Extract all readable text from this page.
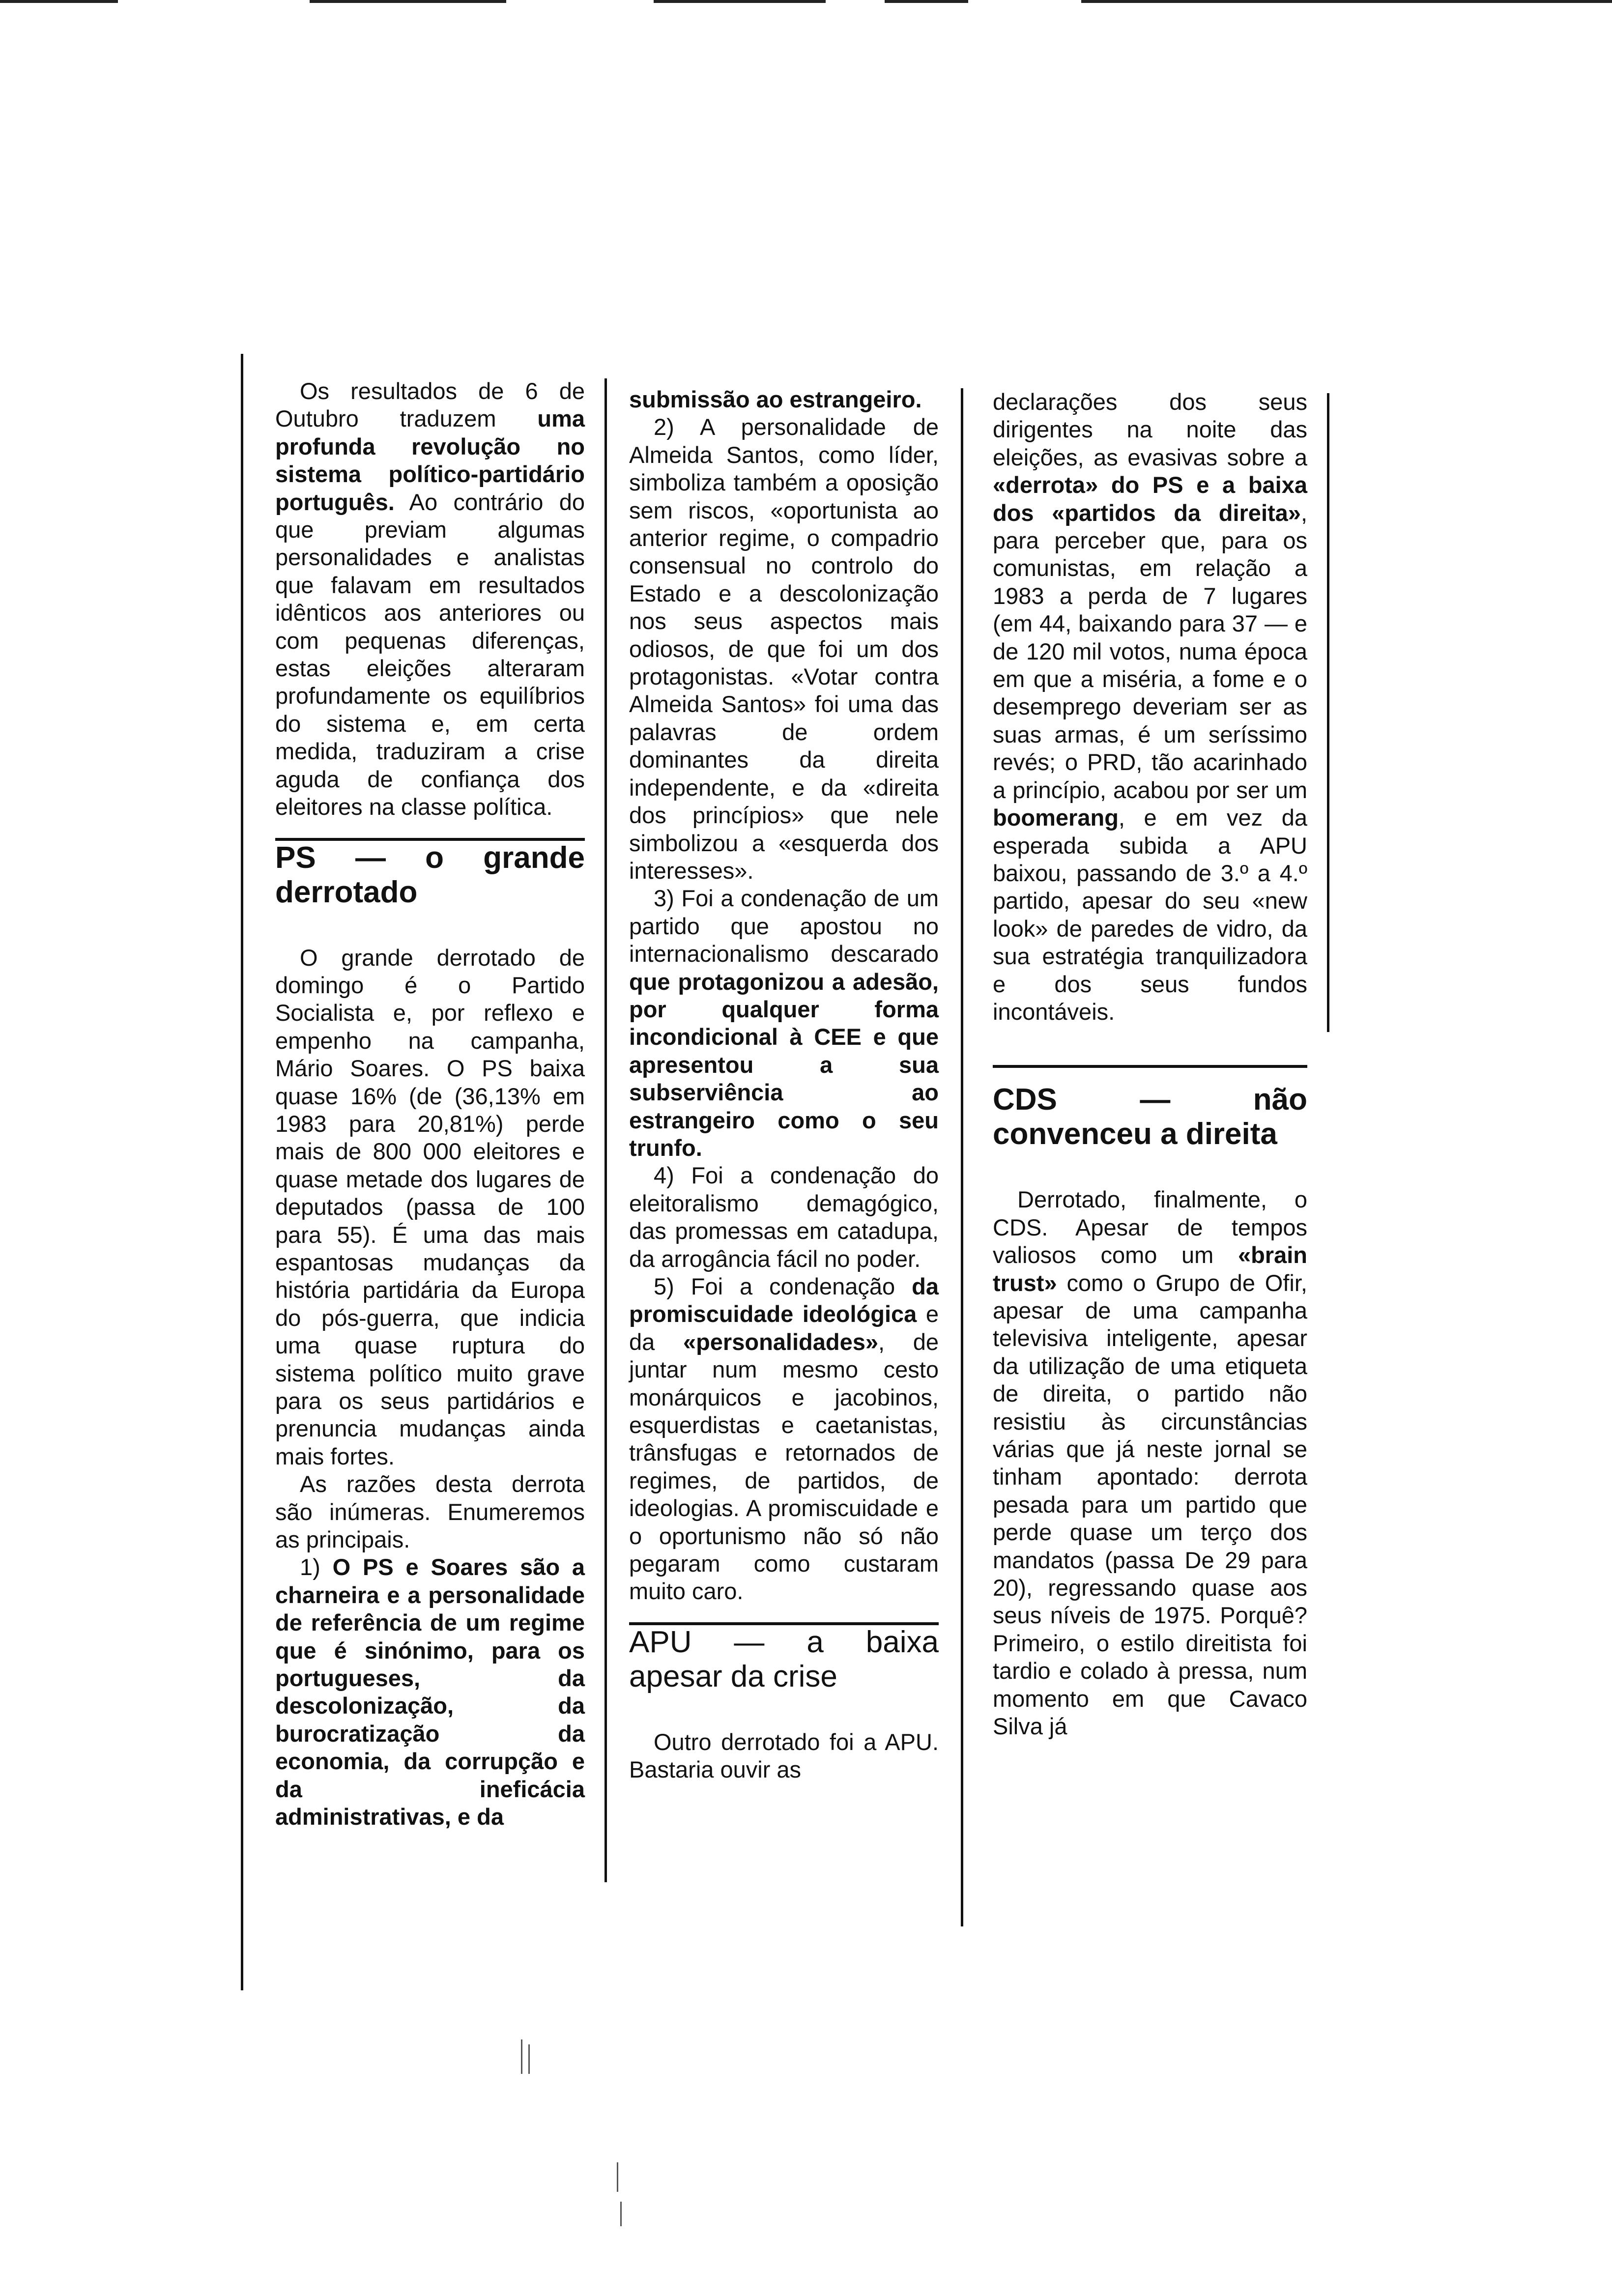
Os resultados de 6 de Outubro traduzem uma profunda revolução no sistema político-partidário português. Ao contrário do que previam algumas personalidades e analistas que falavam em resultados idênticos aos anteriores ou com pequenas diferenças, estas eleições alteraram profundamente os equilíbrios do sistema e, em certa medida, traduziram a crise aguda de confiança dos eleitores na classe política.

PS — o grande derrotado

O grande derrotado de domingo é o Partido Socialista e, por reflexo e empenho na campanha, Mário Soares. O PS baixa quase 16% (de (36,13% em 1983 para 20,81%) perde mais de 800 000 eleitores e quase metade dos lugares de deputados (passa de 100 para 55). É uma das mais espantosas mudanças da história partidária da Europa do pós-guerra, que indicia uma quase ruptura do sistema político muito grave para os seus partidários e prenuncia mudanças ainda mais fortes.

As razões desta derrota são inúmeras. Enumeremos as principais.

1) O PS e Soares são a charneira e a personalidade de referência de um regime que é sinónimo, para os portugueses, da descolonização, da burocratização da economia, da corrupção e da ineficácia administrativas, e da

submissão ao estrangeiro.

2) A personalidade de Almeida Santos, como líder, simboliza também a oposição sem riscos, «oportunista ao anterior regime, o compadrio consensual no controlo do Estado e a descolonização nos seus aspectos mais odiosos, de que foi um dos protagonistas. «Votar contra Almeida Santos» foi uma das palavras de ordem dominantes da direita independente, e da «direita dos princípios» que nele simbolizou a «esquerda dos interesses».

3) Foi a condenação de um partido que apostou no internacionalismo descarado que protagonizou a adesão, por qualquer forma incondicional à CEE e que apresentou a sua subserviência ao estrangeiro como o seu trunfo.

4) Foi a condenação do eleitoralismo demagógico, das promessas em catadupa, da arrogância fácil no poder.

5) Foi a condenação da promiscuidade ideológica e da «personalidades», de juntar num mesmo cesto monárquicos e jacobinos, esquerdistas e caetanistas, trânsfugas e retornados de regimes, de partidos, de ideologias. A promiscuidade e o oportunismo não só não pegaram como custaram muito caro.

APU — a baixa apesar da crise

Outro derrotado foi a APU. Bastaria ouvir as

declarações dos seus dirigentes na noite das eleições, as evasivas sobre a «derrota» do PS e a baixa dos «partidos da direita», para perceber que, para os comunistas, em relação a 1983 a perda de 7 lugares (em 44, baixando para 37 — e de 120 mil votos, numa época em que a miséria, a fome e o desemprego deveriam ser as suas armas, é um seríssimo revés; o PRD, tão acarinhado a princípio, acabou por ser um boomerang, e em vez da esperada subida a APU baixou, passando de 3.º a 4.º partido, apesar do seu «new look» de paredes de vidro, da sua estratégia tranquilizadora e dos seus fundos incontáveis.

CDS — não convenceu a direita

Derrotado, finalmente, o CDS. Apesar de tempos valiosos como um «brain trust» como o Grupo de Ofir, apesar de uma campanha televisiva inteligente, apesar da utilização de uma etiqueta de direita, o partido não resistiu às circunstâncias várias que já neste jornal se tinham apontado: derrota pesada para um partido que perde quase um terço dos mandatos (passa De 29 para 20), regressando quase aos seus níveis de 1975. Porquê? Primeiro, o estilo direitista foi tardio e colado à pressa, num momento em que Cavaco Silva já
